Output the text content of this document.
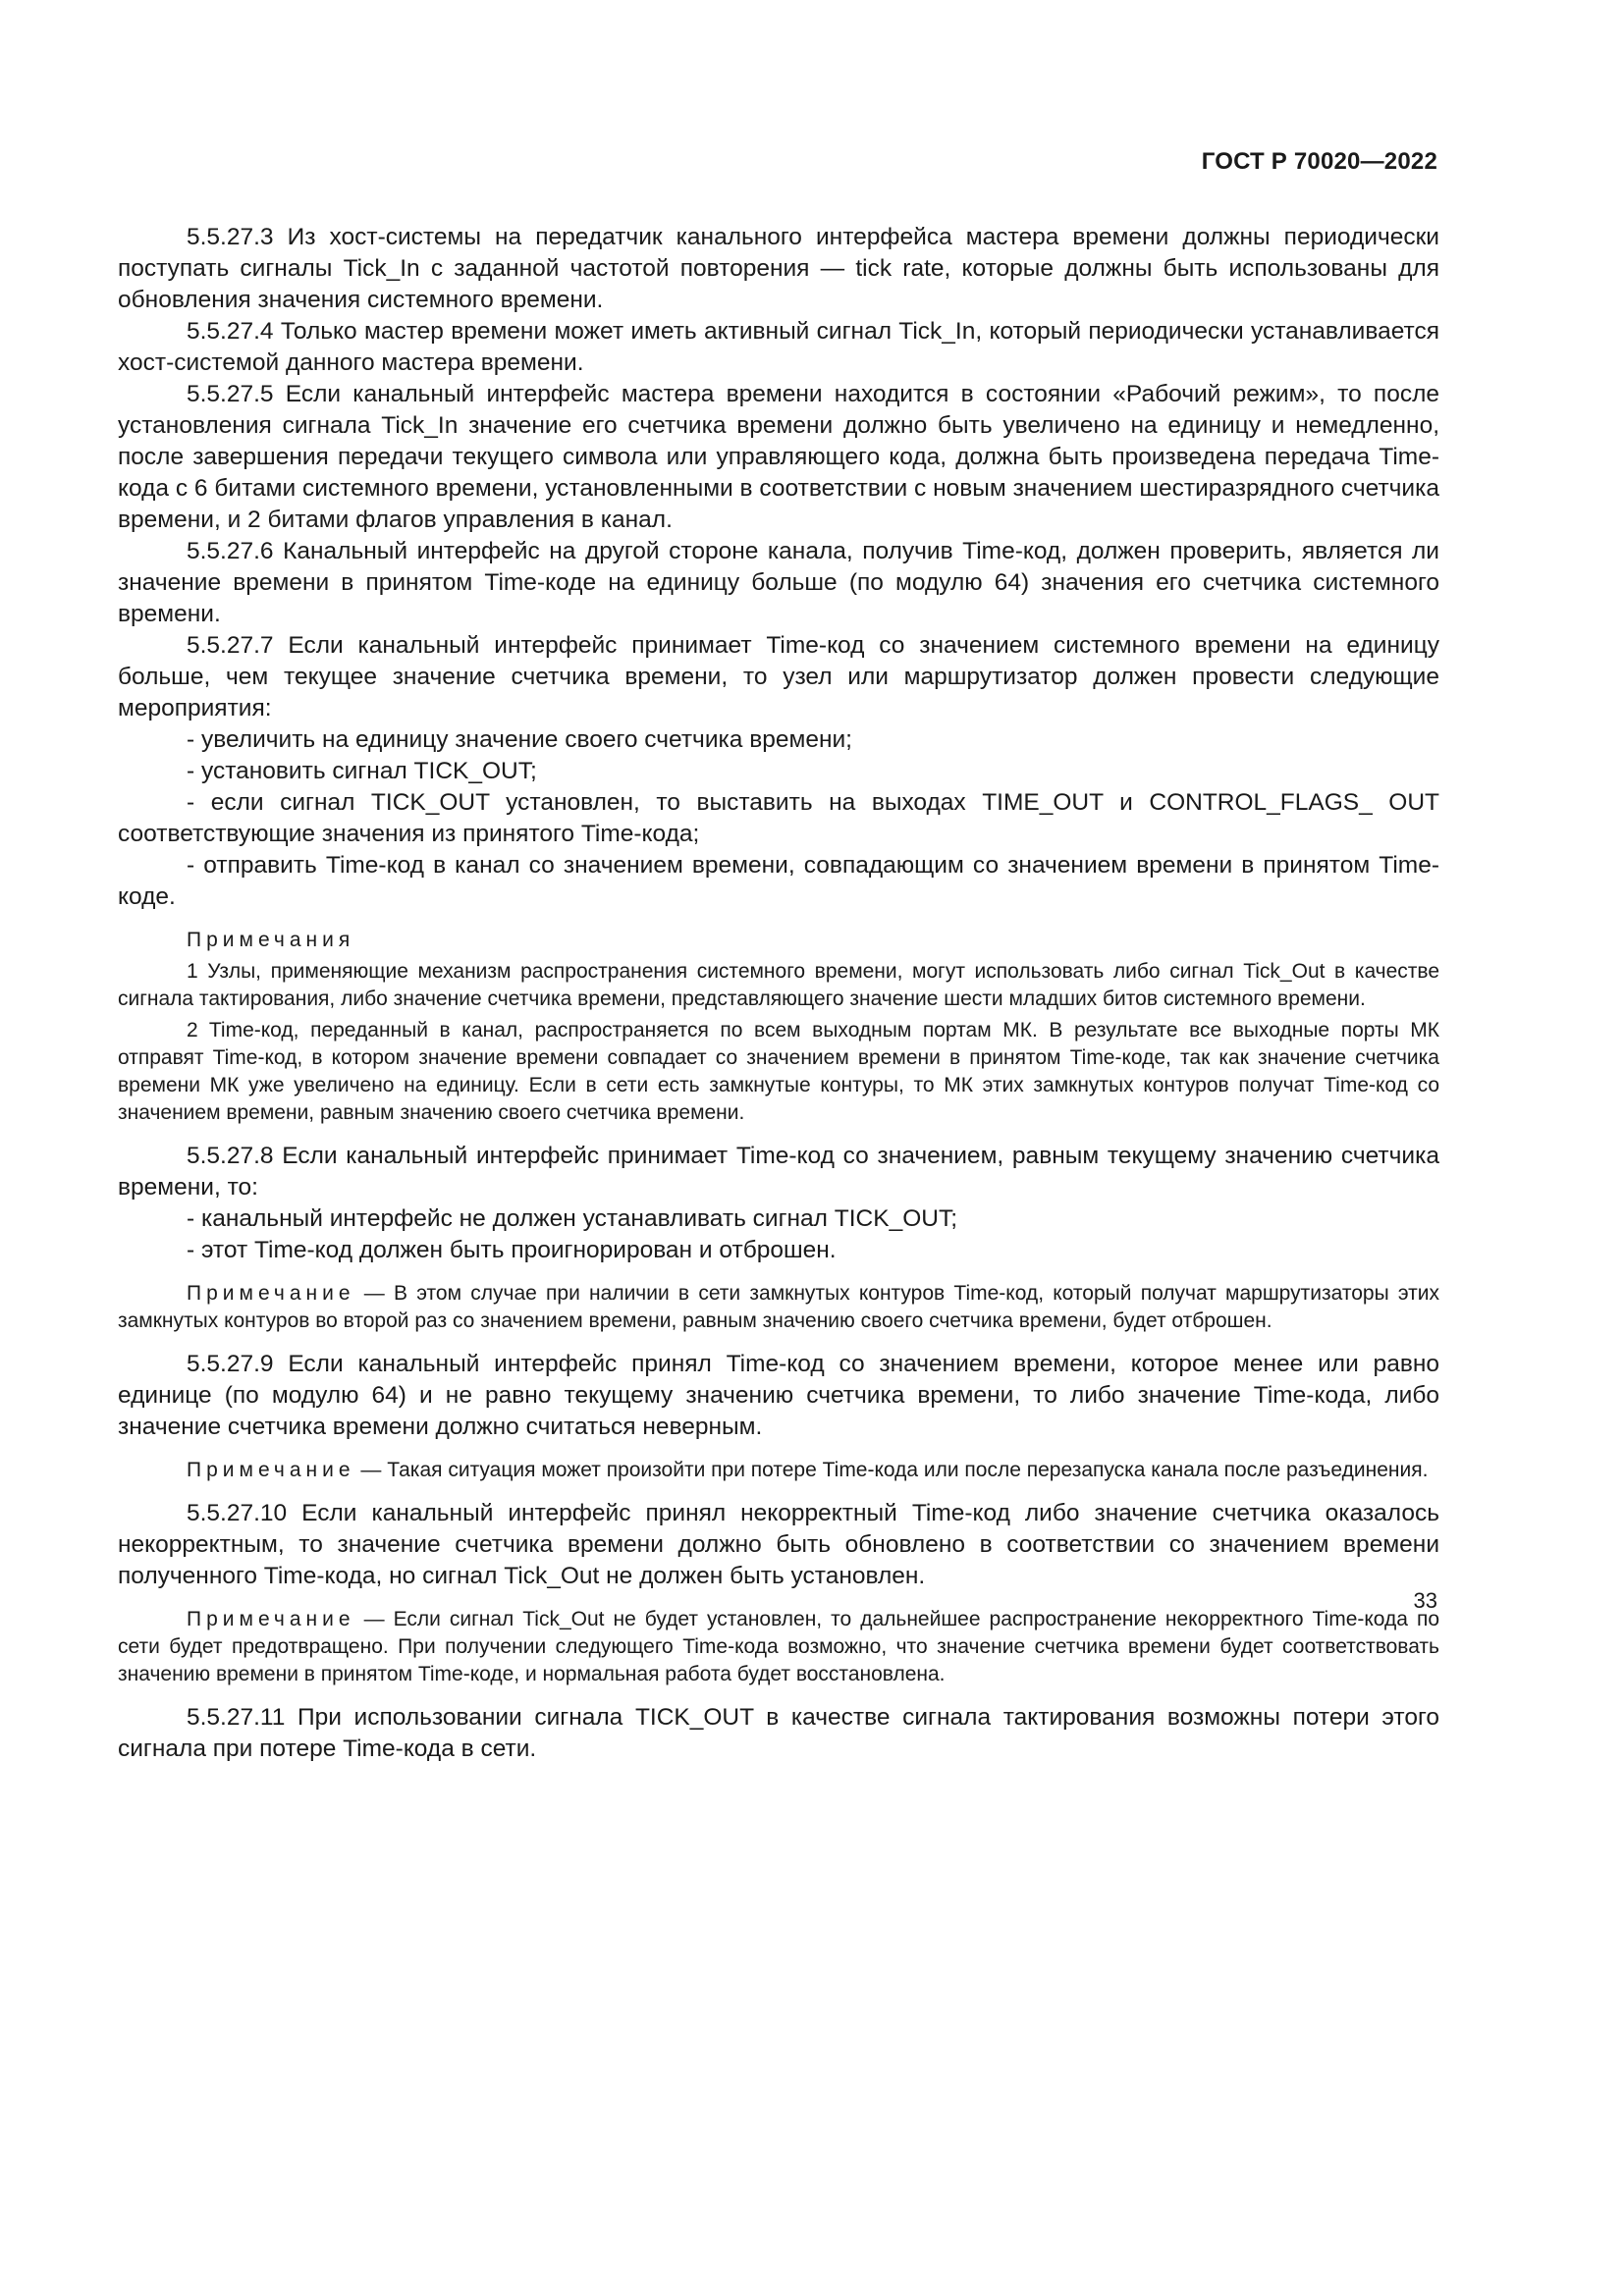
ГОСТ Р 70020—2022

5.5.27.3 Из хост-системы на передатчик канального интерфейса мастера времени должны периодически поступать сигналы Tick_In с заданной частотой повторения — tick rate, которые должны быть использованы для обновления значения системного времени.

5.5.27.4 Только мастер времени может иметь активный сигнал Tick_In, который периодически устанавливается хост-системой данного мастера времени.

5.5.27.5 Если канальный интерфейс мастера времени находится в состоянии «Рабочий режим», то после установления сигнала Tick_In значение его счетчика времени должно быть увеличено на единицу и немедленно, после завершения передачи текущего символа или управляющего кода, должна быть произведена передача Time-кода с 6 битами системного времени, установленными в соответствии с новым значением шестиразрядного счетчика времени, и 2 битами флагов управления в канал.

5.5.27.6 Канальный интерфейс на другой стороне канала, получив Time-код, должен проверить, является ли значение времени в принятом Time-коде на единицу больше (по модулю 64) значения его счетчика системного времени.

5.5.27.7 Если канальный интерфейс принимает Time-код со значением системного времени на единицу больше, чем текущее значение счетчика времени, то узел или маршрутизатор должен провести следующие мероприятия:

- увеличить на единицу значение своего счетчика времени;

- установить сигнал TICK_OUT;

- если сигнал TICK_OUT установлен, то выставить на выходах TIME_OUT и CONTROL_FLAGS_ OUT соответствующие значения из принятого Time-кода;

- отправить Time-код в канал со значением времени, совпадающим со значением времени в принятом Time-коде.

Примечания

1 Узлы, применяющие механизм распространения системного времени, могут использовать либо сигнал Tick_Out в качестве сигнала тактирования, либо значение счетчика времени, представляющего значение шести младших битов системного времени.

2 Time-код, переданный в канал, распространяется по всем выходным портам МК. В результате все выходные порты МК отправят Time-код, в котором значение времени совпадает со значением времени в принятом Time-коде, так как значение счетчика времени МК уже увеличено на единицу. Если в сети есть замкнутые контуры, то МК этих замкнутых контуров получат Time-код со значением времени, равным значению своего счетчика времени.

5.5.27.8 Если канальный интерфейс принимает Time-код со значением, равным текущему значению счетчика времени, то:

- канальный интерфейс не должен устанавливать сигнал TICK_OUT;

- этот Time-код должен быть проигнорирован и отброшен.

Примечание — В этом случае при наличии в сети замкнутых контуров Time-код, который получат маршрутизаторы этих замкнутых контуров во второй раз со значением времени, равным значению своего счетчика времени, будет отброшен.

5.5.27.9 Если канальный интерфейс принял Time-код со значением времени, которое менее или равно единице (по модулю 64) и не равно текущему значению счетчика времени, то либо значение Time-кода, либо значение счетчика времени должно считаться неверным.

Примечание — Такая ситуация может произойти при потере Time-кода или после перезапуска канала после разъединения.

5.5.27.10 Если канальный интерфейс принял некорректный Time-код либо значение счетчика оказалось некорректным, то значение счетчика времени должно быть обновлено в соответствии со значением времени полученного Time-кода, но сигнал Tick_Out не должен быть установлен.

Примечание — Если сигнал Tick_Out не будет установлен, то дальнейшее распространение некорректного Time-кода по сети будет предотвращено. При получении следующего Time-кода возможно, что значение счетчика времени будет соответствовать значению времени в принятом Time-коде, и нормальная работа будет восстановлена.

5.5.27.11 При использовании сигнала TICK_OUT в качестве сигнала тактирования возможны потери этого сигнала при потере Time-кода в сети.

33
